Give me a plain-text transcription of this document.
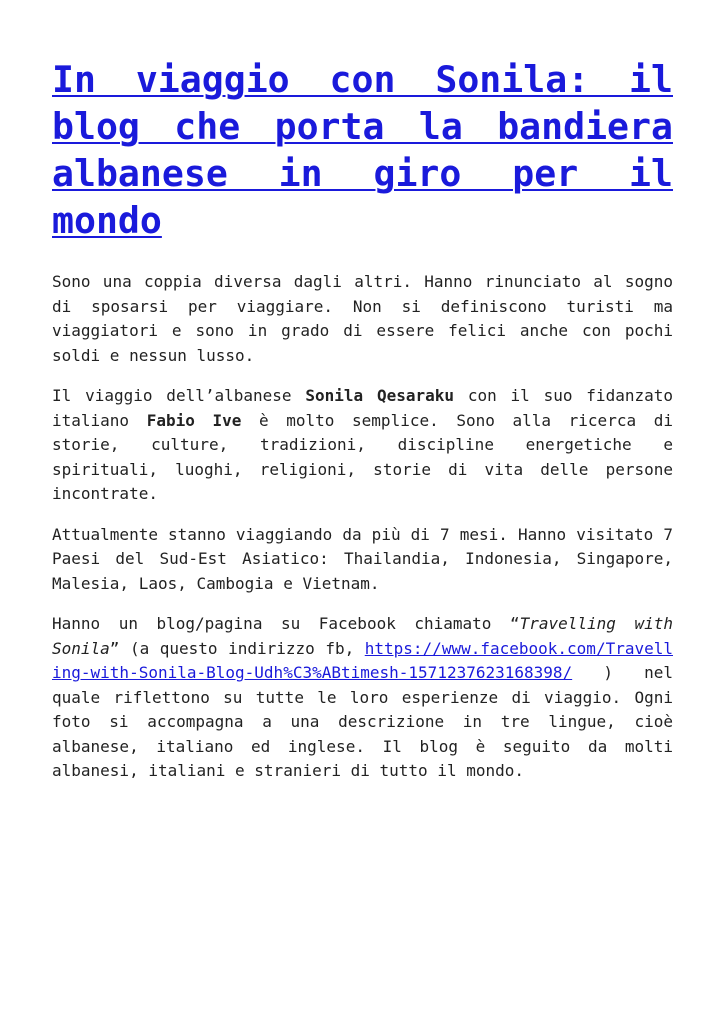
In viaggio con Sonila: il blog che porta la bandiera albanese in giro per il mondo

Sono una coppia diversa dagli altri. Hanno rinunciato al sogno di sposarsi per viaggiare. Non si definiscono turisti ma viaggiatori e sono in grado di essere felici anche con pochi soldi e nessun lusso.

Il viaggio dell’albanese Sonila Qesaraku con il suo fidanzato italiano Fabio Ive è molto semplice. Sono alla ricerca di storie, culture, tradizioni, discipline energetiche e spirituali, luoghi, religioni, storie di vita delle persone incontrate.

Attualmente stanno viaggiando da più di 7 mesi. Hanno visitato 7 Paesi del Sud-Est Asiatico: Thailandia, Indonesia, Singapore, Malesia, Laos, Cambogia e Vietnam.

Hanno un blog/pagina su Facebook chiamato “Travelling with Sonila” (a questo indirizzo fb, https://www.facebook.com/Travelling-with-Sonila-Blog-Udh%C3%ABtimesh-1571237623168398/ ) nel quale riflettono su tutte le loro esperienze di viaggio. Ogni foto si accompagna a una descrizione in tre lingue, cioè albanese, italiano ed inglese. Il blog è seguito da molti albanesi, italiani e stranieri di tutto il mondo.
